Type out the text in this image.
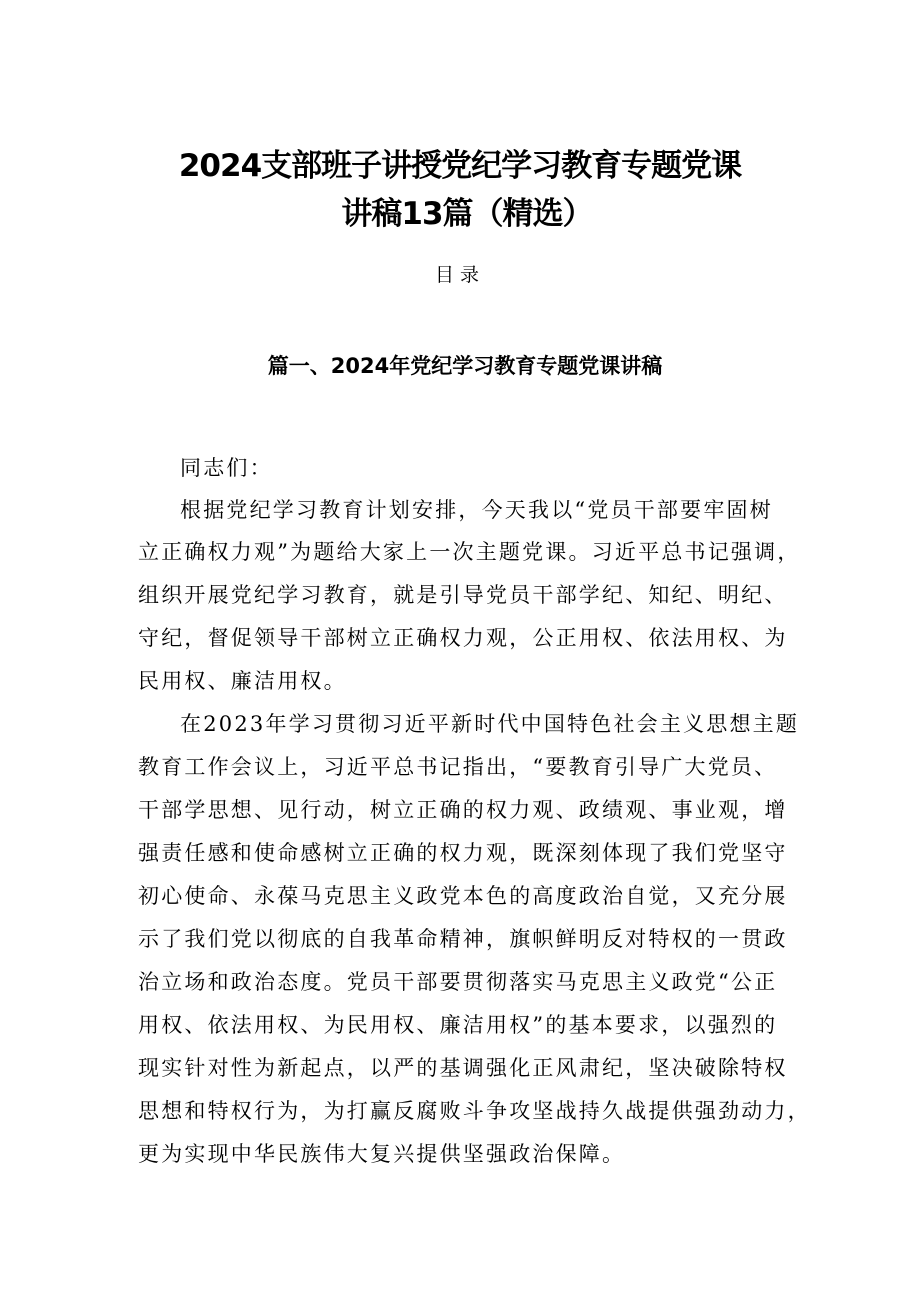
2024支部班子讲授党纪学习教育专题党课
讲稿13篇（精选）
目录
篇一、2024年党纪学习教育专题党课讲稿
同志们：
根据党纪学习教育计划安排，今天我以“党员干部要牢固树
立正确权力观”为题给大家上一次主题党课。习近平总书记强调，
组织开展党纪学习教育，就是引导党员干部学纪、知纪、明纪、
守纪，督促领导干部树立正确权力观，公正用权、依法用权、为
民用权、廉洁用权。
在2023年学习贯彻习近平新时代中国特色社会主义思想主题
教育工作会议上，习近平总书记指出，“要教育引导广大党员、
干部学思想、见行动，树立正确的权力观、政绩观、事业观，增
强责任感和使命感树立正确的权力观，既深刻体现了我们党坚守
初心使命、永葆马克思主义政党本色的高度政治自觉，又充分展
示了我们党以彻底的自我革命精神，旗帜鲜明反对特权的一贯政
治立场和政治态度。党员干部要贯彻落实马克思主义政党“公正
用权、依法用权、为民用权、廉洁用权”的基本要求，以强烈的
现实针对性为新起点，以严的基调强化正风肃纪，坚决破除特权
思想和特权行为，为打赢反腐败斗争攻坚战持久战提供强劲动力，
更为实现中华民族伟大复兴提供坚强政治保障。
